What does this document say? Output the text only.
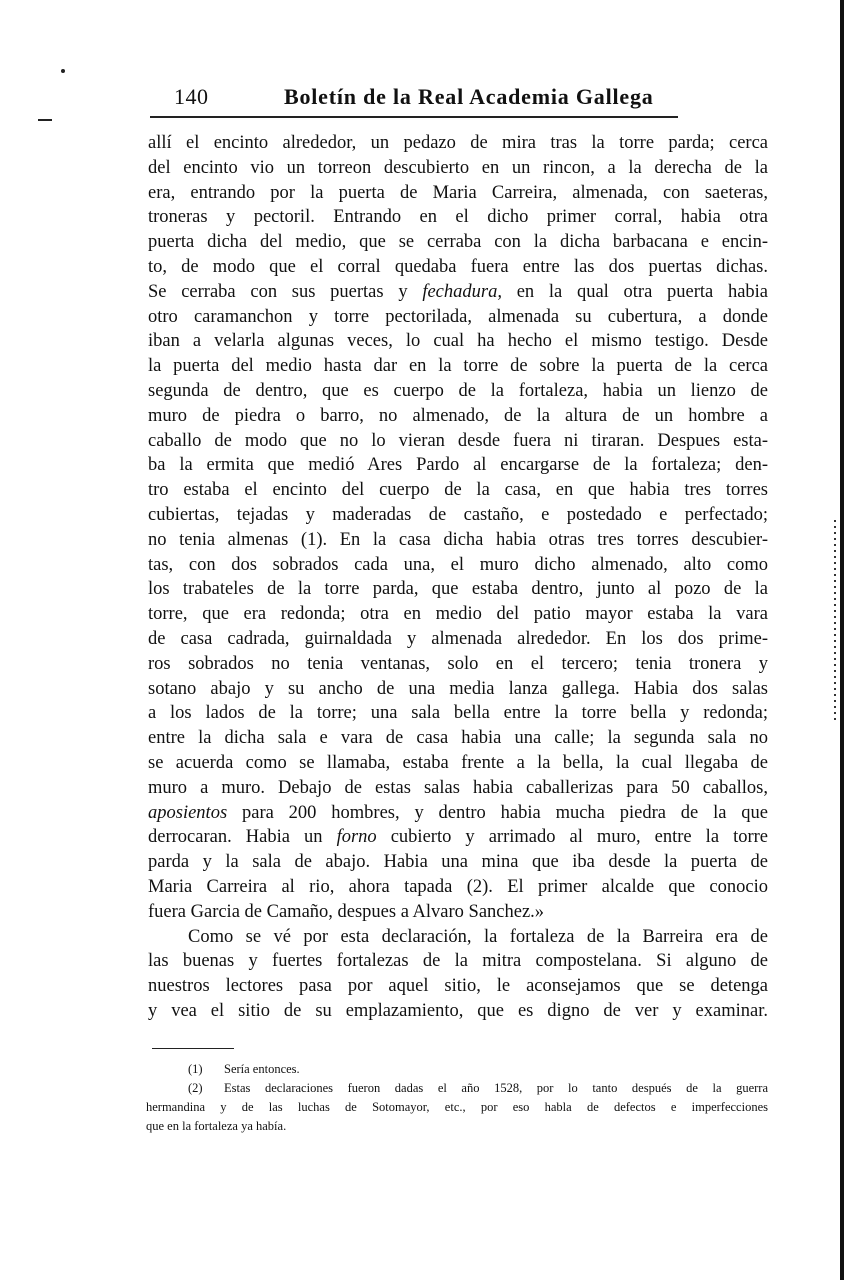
140	Boletín de la Real Academia Gallega
allí el encinto alrededor, un pedazo de mira tras la torre parda; cerca
del encinto vio un torreon descubierto en un rincon, a la derecha de la
era, entrando por la puerta de Maria Carreira, almenada, con saeteras,
troneras y pectoril. Entrando en el dicho primer corral, habia otra
puerta dicha del medio, que se cerraba con la dicha barbacana e encin-
to, de modo que el corral quedaba fuera entre las dos puertas dichas.
Se cerraba con sus puertas y fechadura, en la qual otra puerta habia
otro caramanchon y torre pectorilada, almenada su cubertura, a donde
iban a velarla algunas veces, lo cual ha hecho el mismo testigo. Desde
la puerta del medio hasta dar en la torre de sobre la puerta de la cerca
segunda de dentro, que es cuerpo de la fortaleza, habia un lienzo de
muro de piedra o barro, no almenado, de la altura de un hombre a
caballo de modo que no lo vieran desde fuera ni tiraran. Despues esta-
ba la ermita que medió Ares Pardo al encargarse de la fortaleza; den-
tro estaba el encinto del cuerpo de la casa, en que habia tres torres
cubiertas, tejadas y maderadas de castaño, e postedado e perfectado;
no tenia almenas (1). En la casa dicha habia otras tres torres descubier-
tas, con dos sobrados cada una, el muro dicho almenado, alto como
los trabateles de la torre parda, que estaba dentro, junto al pozo de la
torre, que era redonda; otra en medio del patio mayor estaba la vara
de casa cadrada, guirnaldada y almenada alrededor. En los dos prime-
ros sobrados no tenia ventanas, solo en el tercero; tenia tronera y
sotano abajo y su ancho de una media lanza gallega. Habia dos salas
a los lados de la torre; una sala bella entre la torre bella y redonda;
entre la dicha sala e vara de casa habia una calle; la segunda sala no
se acuerda como se llamaba, estaba frente a la bella, la cual llegaba de
muro a muro. Debajo de estas salas habia caballerizas para 50 caballos,
aposientos para 200 hombres, y dentro habia mucha piedra de la que
derrocaran. Habia un forno cubierto y arrimado al muro, entre la torre
parda y la sala de abajo. Habia una mina que iba desde la puerta de
Maria Carreira al rio, ahora tapada (2). El primer alcalde que conocio
fuera Garcia de Camaño, despues a Alvaro Sanchez.»
Como se vé por esta declaración, la fortaleza de la Barreira era de
las buenas y fuertes fortalezas de la mitra compostelana. Si alguno de
nuestros lectores pasa por aquel sitio, le aconsejamos que se detenga
y vea el sitio de su emplazamiento, que es digno de ver y examinar.
(1) Sería entonces.
(2) Estas declaraciones fueron dadas el año 1528, por lo tanto después de la guerra
hermandina y de las luchas de Sotomayor, etc., por eso habla de defectos e imperfecciones
que en la fortaleza ya había.
